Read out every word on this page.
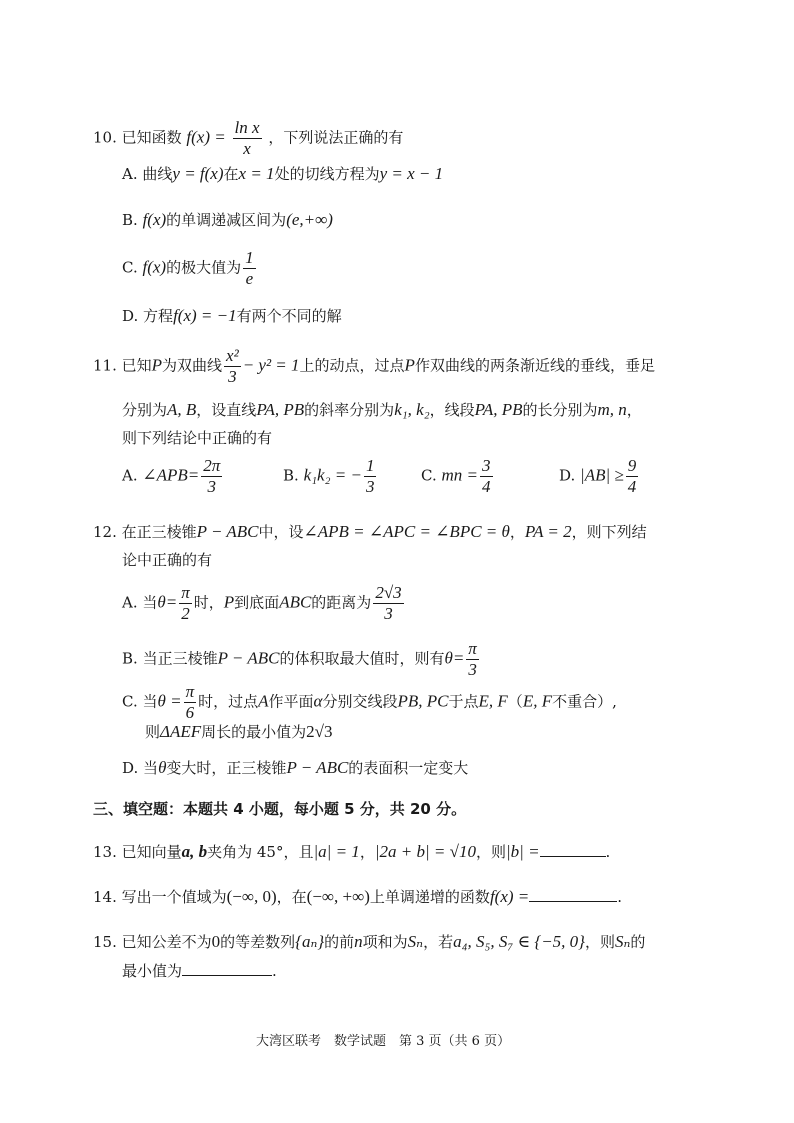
10. 已知函数 $f(x) = \frac{\text{ln x}}{x}$ ，下列说法正确的有
A. 曲线y = f(x)在x = 1处的切线方程为y = x − 1
B. f(x)的单调递减区间为(e,+∞)
C. f(x)的极大值为 $\frac{1}{e}$
D. 方程f(x) = −1有两个不同的解
11. 已知P为双曲线 $\frac{\text{x²}}{3} - y^2 = 1$上的动点，过点P作双曲线的两条渐近线的垂线，垂足
分别为A, B，设直线PA, PB的斜率分别为k₁, k₂，线段PA, PB的长分别为m, n，
则下列结论中正确的有
A. ∠APB= $\frac{2\pi}{3}$	B. k₁k₂ = − $\frac{1}{3}$	C. mn = $\frac{3}{4}$	D. $|AB| \ge \frac{9}{4}$
12. 在正三棱锥P − ABC中，设∠APB = ∠APC = ∠BPC = θ，PA = 2，则下列结
论中正确的有
A. 当$\theta= \frac{\pi}{2}$ 时，P到底面ABC的距离为 $\frac{2√3}{3}$
B. 当正三棱锥P − ABC的体积取最大值时，则有$\theta= \frac{\pi}{3}$
C. 当$\theta = \frac{\pi}{6}$ 时，过点A作平面α分别交线段PB, PC于点E, F（E, F不重合）,
则ΔAEF周长的最小值为2√3
D. 当θ变大时，正三棱锥P − ABC的表面积一定变大
三、填空题：本题共 4 小题，每小题 5 分，共 20 分。
13. 已知向量a, b夹角为 45°，且|a| = 1，|2a + b| = √10，则|b| =	.
14. 写出一个值域为(−∞, 0)，在(−∞, +∞)上单调递增的函数f(x) =	.
15. 已知公差不为0的等差数列{aₙ}的前n项和为Sₙ，若a₄, S₅, S₇ ∈ {−5, 0}，则Sₙ的
最小值为	.
大湾区联考　数学试题　第 3 页（共 6 页）
